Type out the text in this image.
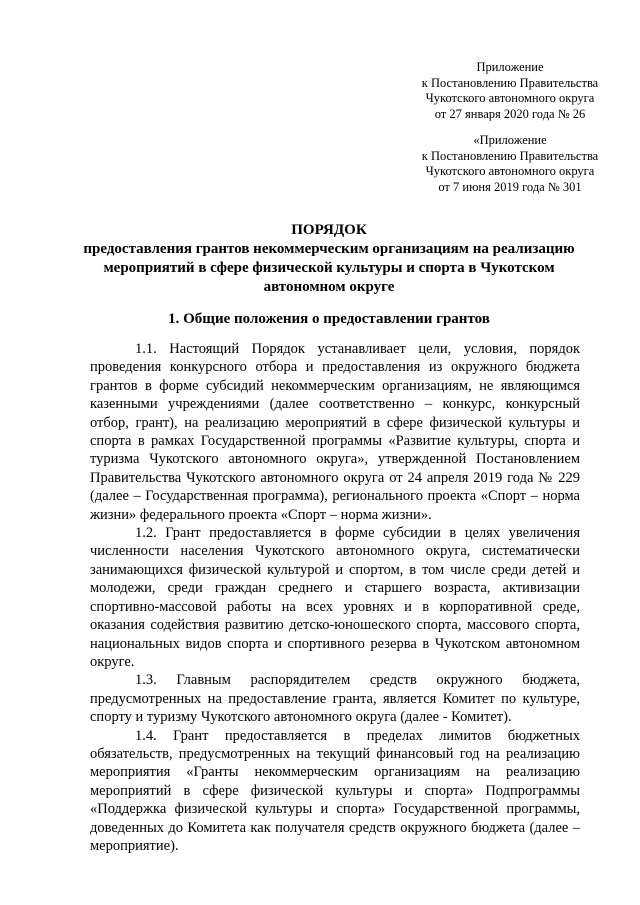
Приложение
к Постановлению Правительства
Чукотского автономного округа
от 27 января 2020 года № 26
«Приложение
к Постановлению Правительства
Чукотского автономного округа
от 7 июня 2019 года № 301
ПОРЯДОК
предоставления грантов некоммерческим организациям на реализацию
мероприятий в сфере физической культуры и спорта в Чукотском
автономном округе
1. Общие положения о предоставлении грантов

1.1. Настоящий Порядок устанавливает цели, условия, порядок проведения конкурсного отбора и предоставления из окружного бюджета грантов в форме субсидий некоммерческим организациям, не являющимся казенными учреждениями (далее соответственно – конкурс, конкурсный отбор, грант), на реализацию мероприятий в сфере физической культуры и спорта в рамках Государственной программы «Развитие культуры, спорта и туризма Чукотского автономного округа», утвержденной Постановлением Правительства Чукотского автономного округа от 24 апреля 2019 года № 229 (далее – Государственная программа), регионального проекта «Спорт – норма жизни» федерального проекта «Спорт – норма жизни».

1.2. Грант предоставляется в форме субсидии в целях увеличения численности населения Чукотского автономного округа, систематически занимающихся физической культурой и спортом, в том числе среди детей и молодежи, среди граждан среднего и старшего возраста, активизации спортивно-массовой работы на всех уровнях и в корпоративной среде, оказания содействия развитию детско-юношеского спорта, массового спорта, национальных видов спорта и спортивного резерва в Чукотском автономном округе.

1.3. Главным распорядителем средств окружного бюджета, предусмотренных на предоставление гранта, является Комитет по культуре, спорту и туризму Чукотского автономного округа (далее - Комитет).

1.4. Грант предоставляется в пределах лимитов бюджетных обязательств, предусмотренных на текущий финансовый год на реализацию мероприятия «Гранты некоммерческим организациям на реализацию мероприятий в сфере физической культуры и спорта» Подпрограммы «Поддержка физической культуры и спорта» Государственной программы, доведенных до Комитета как получателя средств окружного бюджета (далее – мероприятие).
